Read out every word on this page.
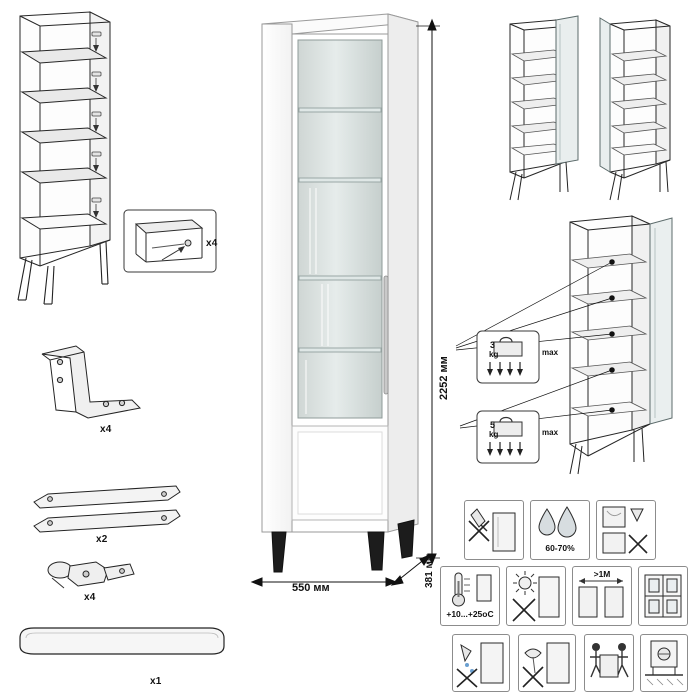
х4
х4
х2
х4
х1
2252 мм
550 мм	381 мм
3
kg	max
5
kg	max
60-70%
+10...+25оC
>1М
